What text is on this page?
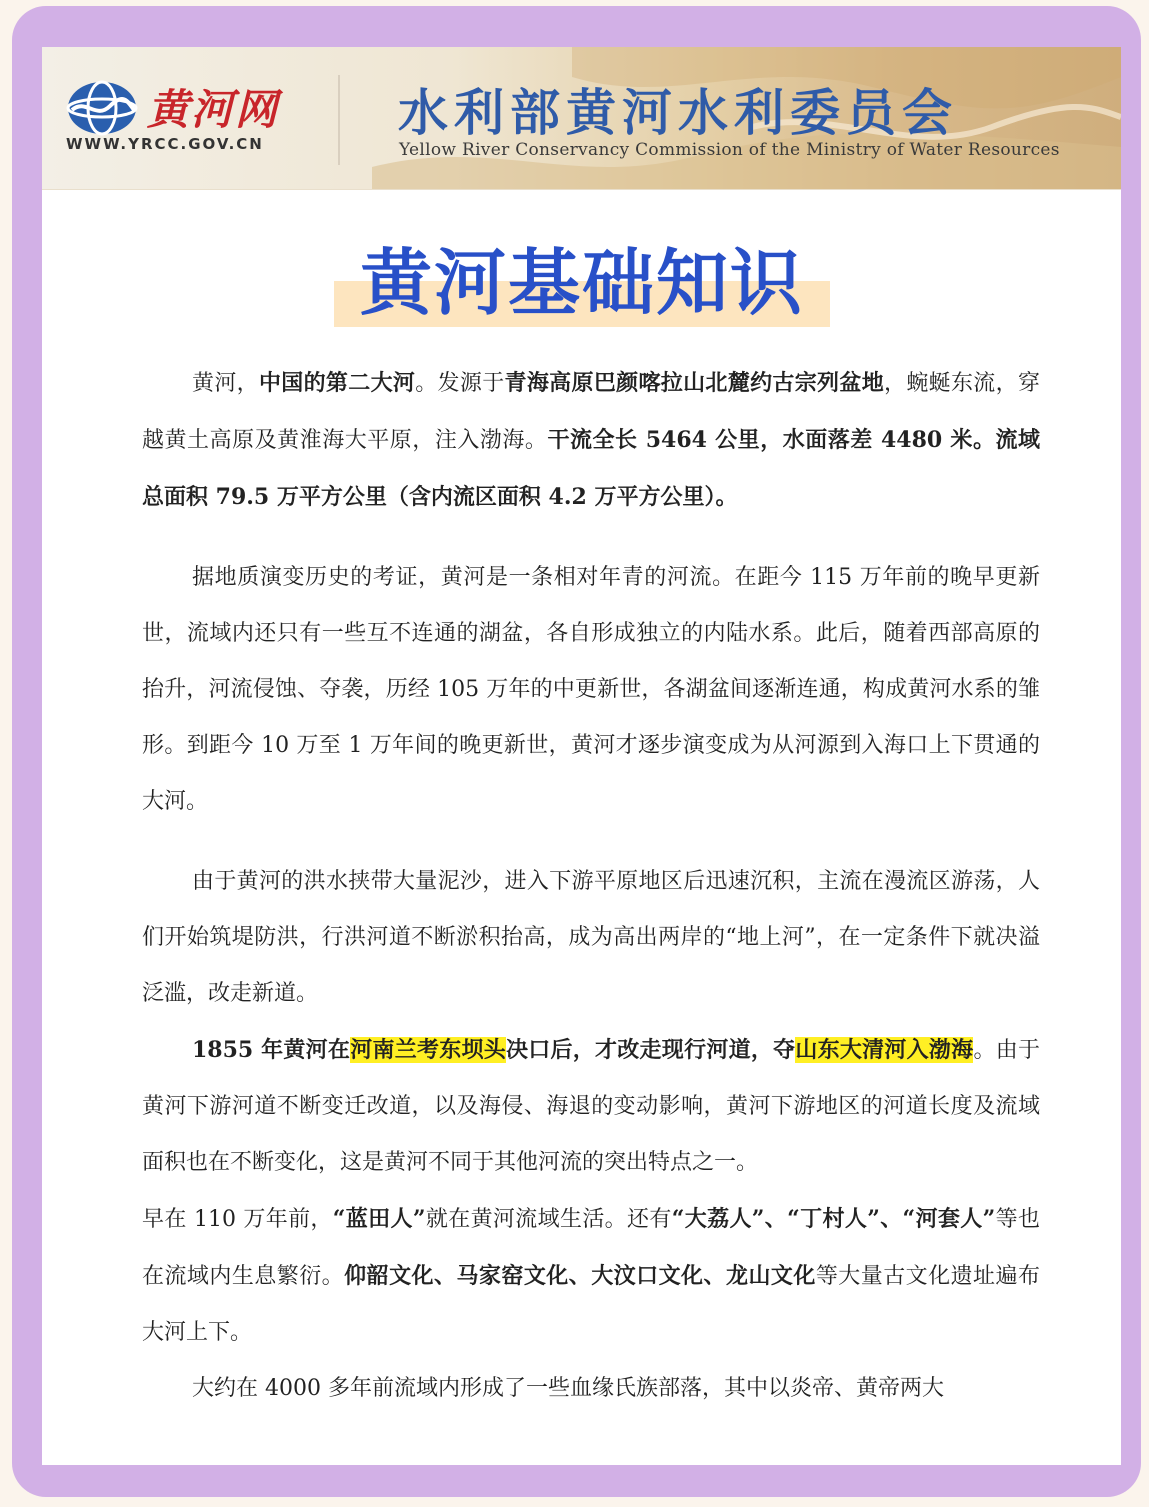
黄河网
WWW.YRCC.GOV.CN
水利部黄河水利委员会
Yellow River Conservancy Commission of the Ministry of Water Resources
黄河基础知识

黄河，中国的第二大河。发源于青海高原巴颜喀拉山北麓约古宗列盆地，蜿蜒东流，穿越黄土高原及黄淮海大平原，注入渤海。干流全长 5464 公里，水面落差 4480 米。流域总面积 79.5 万平方公里（含内流区面积 4.2 万平方公里）。

据地质演变历史的考证，黄河是一条相对年青的河流。在距今 115 万年前的晚早更新世，流域内还只有一些互不连通的湖盆，各自形成独立的内陆水系。此后，随着西部高原的抬升，河流侵蚀、夺袭，历经 105 万年的中更新世，各湖盆间逐渐连通，构成黄河水系的雏形。到距今 10 万至 1 万年间的晚更新世，黄河才逐步演变成为从河源到入海口上下贯通的大河。

由于黄河的洪水挟带大量泥沙，进入下游平原地区后迅速沉积，主流在漫流区游荡，人们开始筑堤防洪，行洪河道不断淤积抬高，成为高出两岸的“地上河”，在一定条件下就决溢泛滥，改走新道。

1855 年黄河在河南兰考东坝头决口后，才改走现行河道，夺山东大清河入渤海。由于黄河下游河道不断变迁改道，以及海侵、海退的变动影响，黄河下游地区的河道长度及流域面积也在不断变化，这是黄河不同于其他河流的突出特点之一。

早在 110 万年前，“蓝田人”就在黄河流域生活。还有“大荔人”、“丁村人”、“河套人”等也在流域内生息繁衍。仰韶文化、马家窑文化、大汶口文化、龙山文化等大量古文化遗址遍布大河上下。

大约在 4000 多年前流域内形成了一些血缘氏族部落，其中以炎帝、黄帝两大
